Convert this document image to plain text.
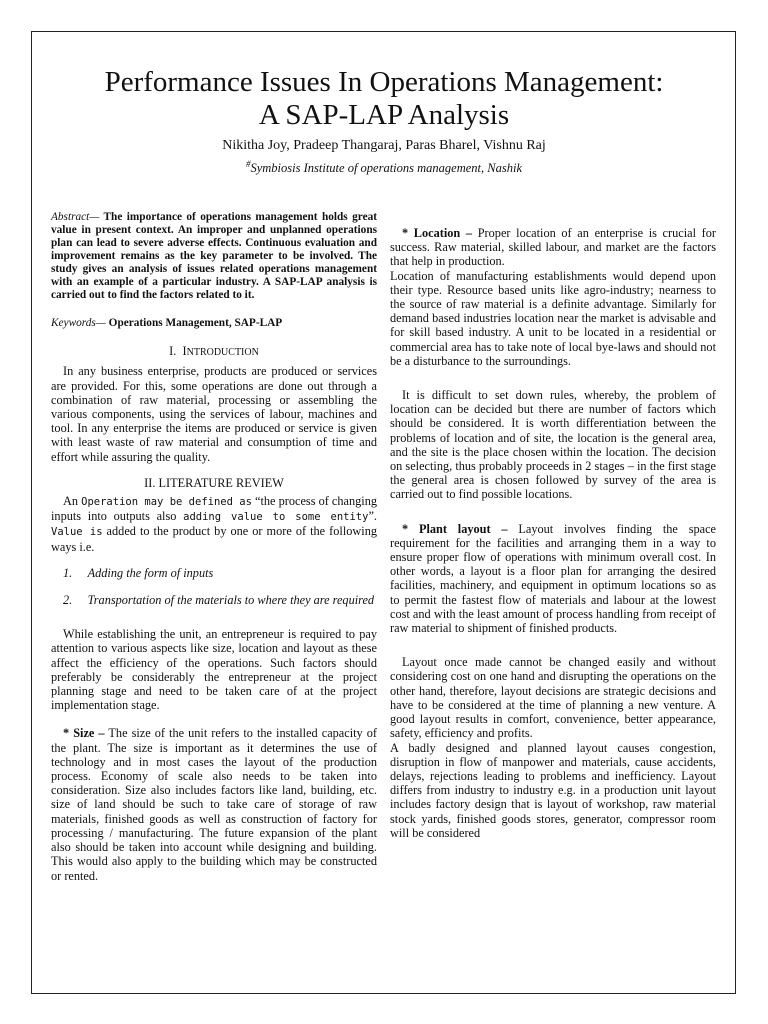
Performance Issues In Operations Management:
A SAP-LAP Analysis
Nikitha Joy, Pradeep Thangaraj, Paras Bharel, Vishnu Raj
#Symbiosis Institute of operations management, Nashik

Abstract— The importance of operations management holds great value in present context. An improper and unplanned operations plan can lead to severe adverse effects. Continuous evaluation and improvement remains as the key parameter to be involved. The study gives an analysis of issues related operations management with an example of a particular industry. A SAP-LAP analysis is carried out to find the factors related to it.

Keywords— Operations Management, SAP-LAP

I. INTRODUCTION

In any business enterprise, products are produced or services are provided. For this, some operations are done out through a combination of raw material, processing or assembling the various components, using the services of labour, machines and tool. In any enterprise the items are produced or service is given with least waste of raw material and consumption of time and effort while assuring the quality.

II. LITERATURE REVIEW

An Operation may be defined as “the process of changing inputs into outputs also adding value to some entity”. Value is added to the product by one or more of the following ways i.e.

1. Adding the form of inputs

2. Transportation of the materials to where they are required

While establishing the unit, an entrepreneur is required to pay attention to various aspects like size, location and layout as these affect the efficiency of the operations. Such factors should preferably be considerably the entrepreneur at the project planning stage and need to be taken care of at the project implementation stage.

* Size – The size of the unit refers to the installed capacity of the plant. The size is important as it determines the use of technology and in most cases the layout of the production process. Economy of scale also needs to be taken into consideration. Size also includes factors like land, building, etc. size of land should be such to take care of storage of raw materials, finished goods as well as construction of factory for processing / manufacturing. The future expansion of the plant also should be taken into account while designing and building. This would also apply to the building which may be constructed or rented.

* Location – Proper location of an enterprise is crucial for success. Raw material, skilled labour, and market are the factors that help in production.

Location of manufacturing establishments would depend upon their type. Resource based units like agro-industry; nearness to the source of raw material is a definite advantage. Similarly for demand based industries location near the market is advisable and for skill based industry. A unit to be located in a residential or commercial area has to take note of local bye-laws and should not be a disturbance to the surroundings.

It is difficult to set down rules, whereby, the problem of location can be decided but there are number of factors which should be considered. It is worth differentiation between the problems of location and of site, the location is the general area, and the site is the place chosen within the location. The decision on selecting, thus probably proceeds in 2 stages – in the first stage the general area is chosen followed by survey of the area is carried out to find possible locations.

* Plant layout – Layout involves finding the space requirement for the facilities and arranging them in a way to ensure proper flow of operations with minimum overall cost. In other words, a layout is a floor plan for arranging the desired facilities, machinery, and equipment in optimum locations so as to permit the fastest flow of materials and labour at the lowest cost and with the least amount of process handling from receipt of raw material to shipment of finished products.

Layout once made cannot be changed easily and without considering cost on one hand and disrupting the operations on the other hand, therefore, layout decisions are strategic decisions and have to be considered at the time of planning a new venture. A good layout results in comfort, convenience, better appearance, safety, efficiency and profits.

A badly designed and planned layout causes congestion, disruption in flow of manpower and materials, cause accidents, delays, rejections leading to problems and inefficiency. Layout differs from industry to industry e.g. in a production unit layout includes factory design that is layout of workshop, raw material stock yards, finished goods stores, generator, compressor room will be considered
